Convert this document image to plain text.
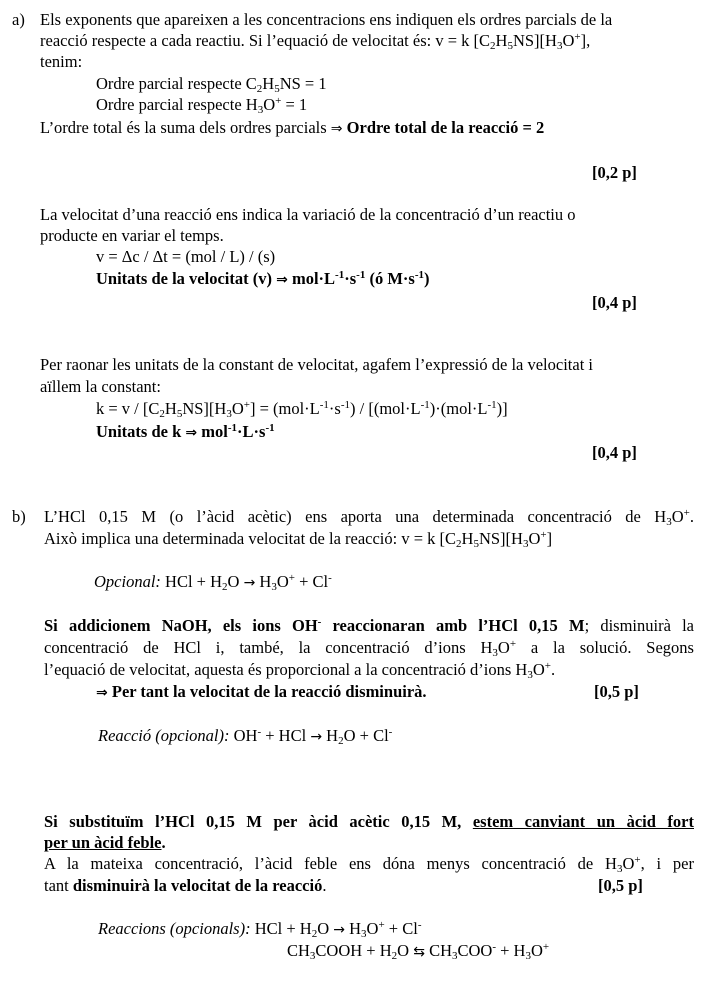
a) Els exponents que apareixen a les concentracions ens indiquen els ordres parcials de la
reacció respecte a cada reactiu. Si l’equació de velocitat és: v = k $[C_2H_5NS][H_3O^+]$,
tenim:
Ordre parcial respecte $C_2H_5NS = 1$
Ordre parcial respecte $H_3O^+ = 1$
L’ordre total és la suma dels ordres parcials ⇒ Ordre total de la reacció = 2
[0,2 p]
La velocitat d’una reacció ens indica la variació de la concentració d’un reactiu o
producte en variar el temps.
v = Δc / Δt = (mol / L) / (s)
Unitats de la velocitat (v) ⇒ $mol\cdot L^{-1}\cdot s^{-1}$ (ó $M\cdot s^{-1}$)
[0,4 p]
Per raonar les unitats de la constant de velocitat, agafem l’expressió de la velocitat i
aïllem la constant:
$k = v / [C_2H_5NS][H_3O^+] = (mol\cdot L^{-1}\cdot s^{-1}) / [(mol\cdot L^{-1})\cdot(mol\cdot L^{-1})]$
Unitats de k ⇒ $mol^{-1}\cdot L\cdot s^{-1}$
[0,4 p]
b) L’HCl 0,15 M (o l’àcid acètic) ens aporta una determinada concentració de $H_3O^+$.
Això implica una determinada velocitat de la reacció: v = k $[C_2H_5NS][H_3O^+]$
Opcional: HCl + $H_2O \to H_3O^+ + Cl^-$
Si addicionem NaOH, els ions OH- reaccionaran amb l’HCl 0,15 M; disminuirà la
concentració de HCl i, també, la concentració d’ions $H_3O^+$ a la solució. Segons
l’equació de velocitat, aquesta és proporcional a la concentració d’ions $H_3O^+$.
⇒ Per tant la velocitat de la reacció disminuirà.	[0,5 p]
Reacció (opcional): OH- + HCl → $H_2O + Cl^-$
Si substituïm l’HCl 0,15 M per àcid acètic 0,15 M, estem canviant un àcid fort
per un àcid feble.
A la mateixa concentració, l’àcid feble ens dóna menys concentració de $H_3O^+$, i per
tant disminuirà la velocitat de la reacció.	[0,5 p]
Reaccions (opcionals): HCl + $H_2O \to H_3O^+ + Cl^-$
$CH_3COOH + H_2O$ ⇆ $CH_3COO^- + H_3O^+$
